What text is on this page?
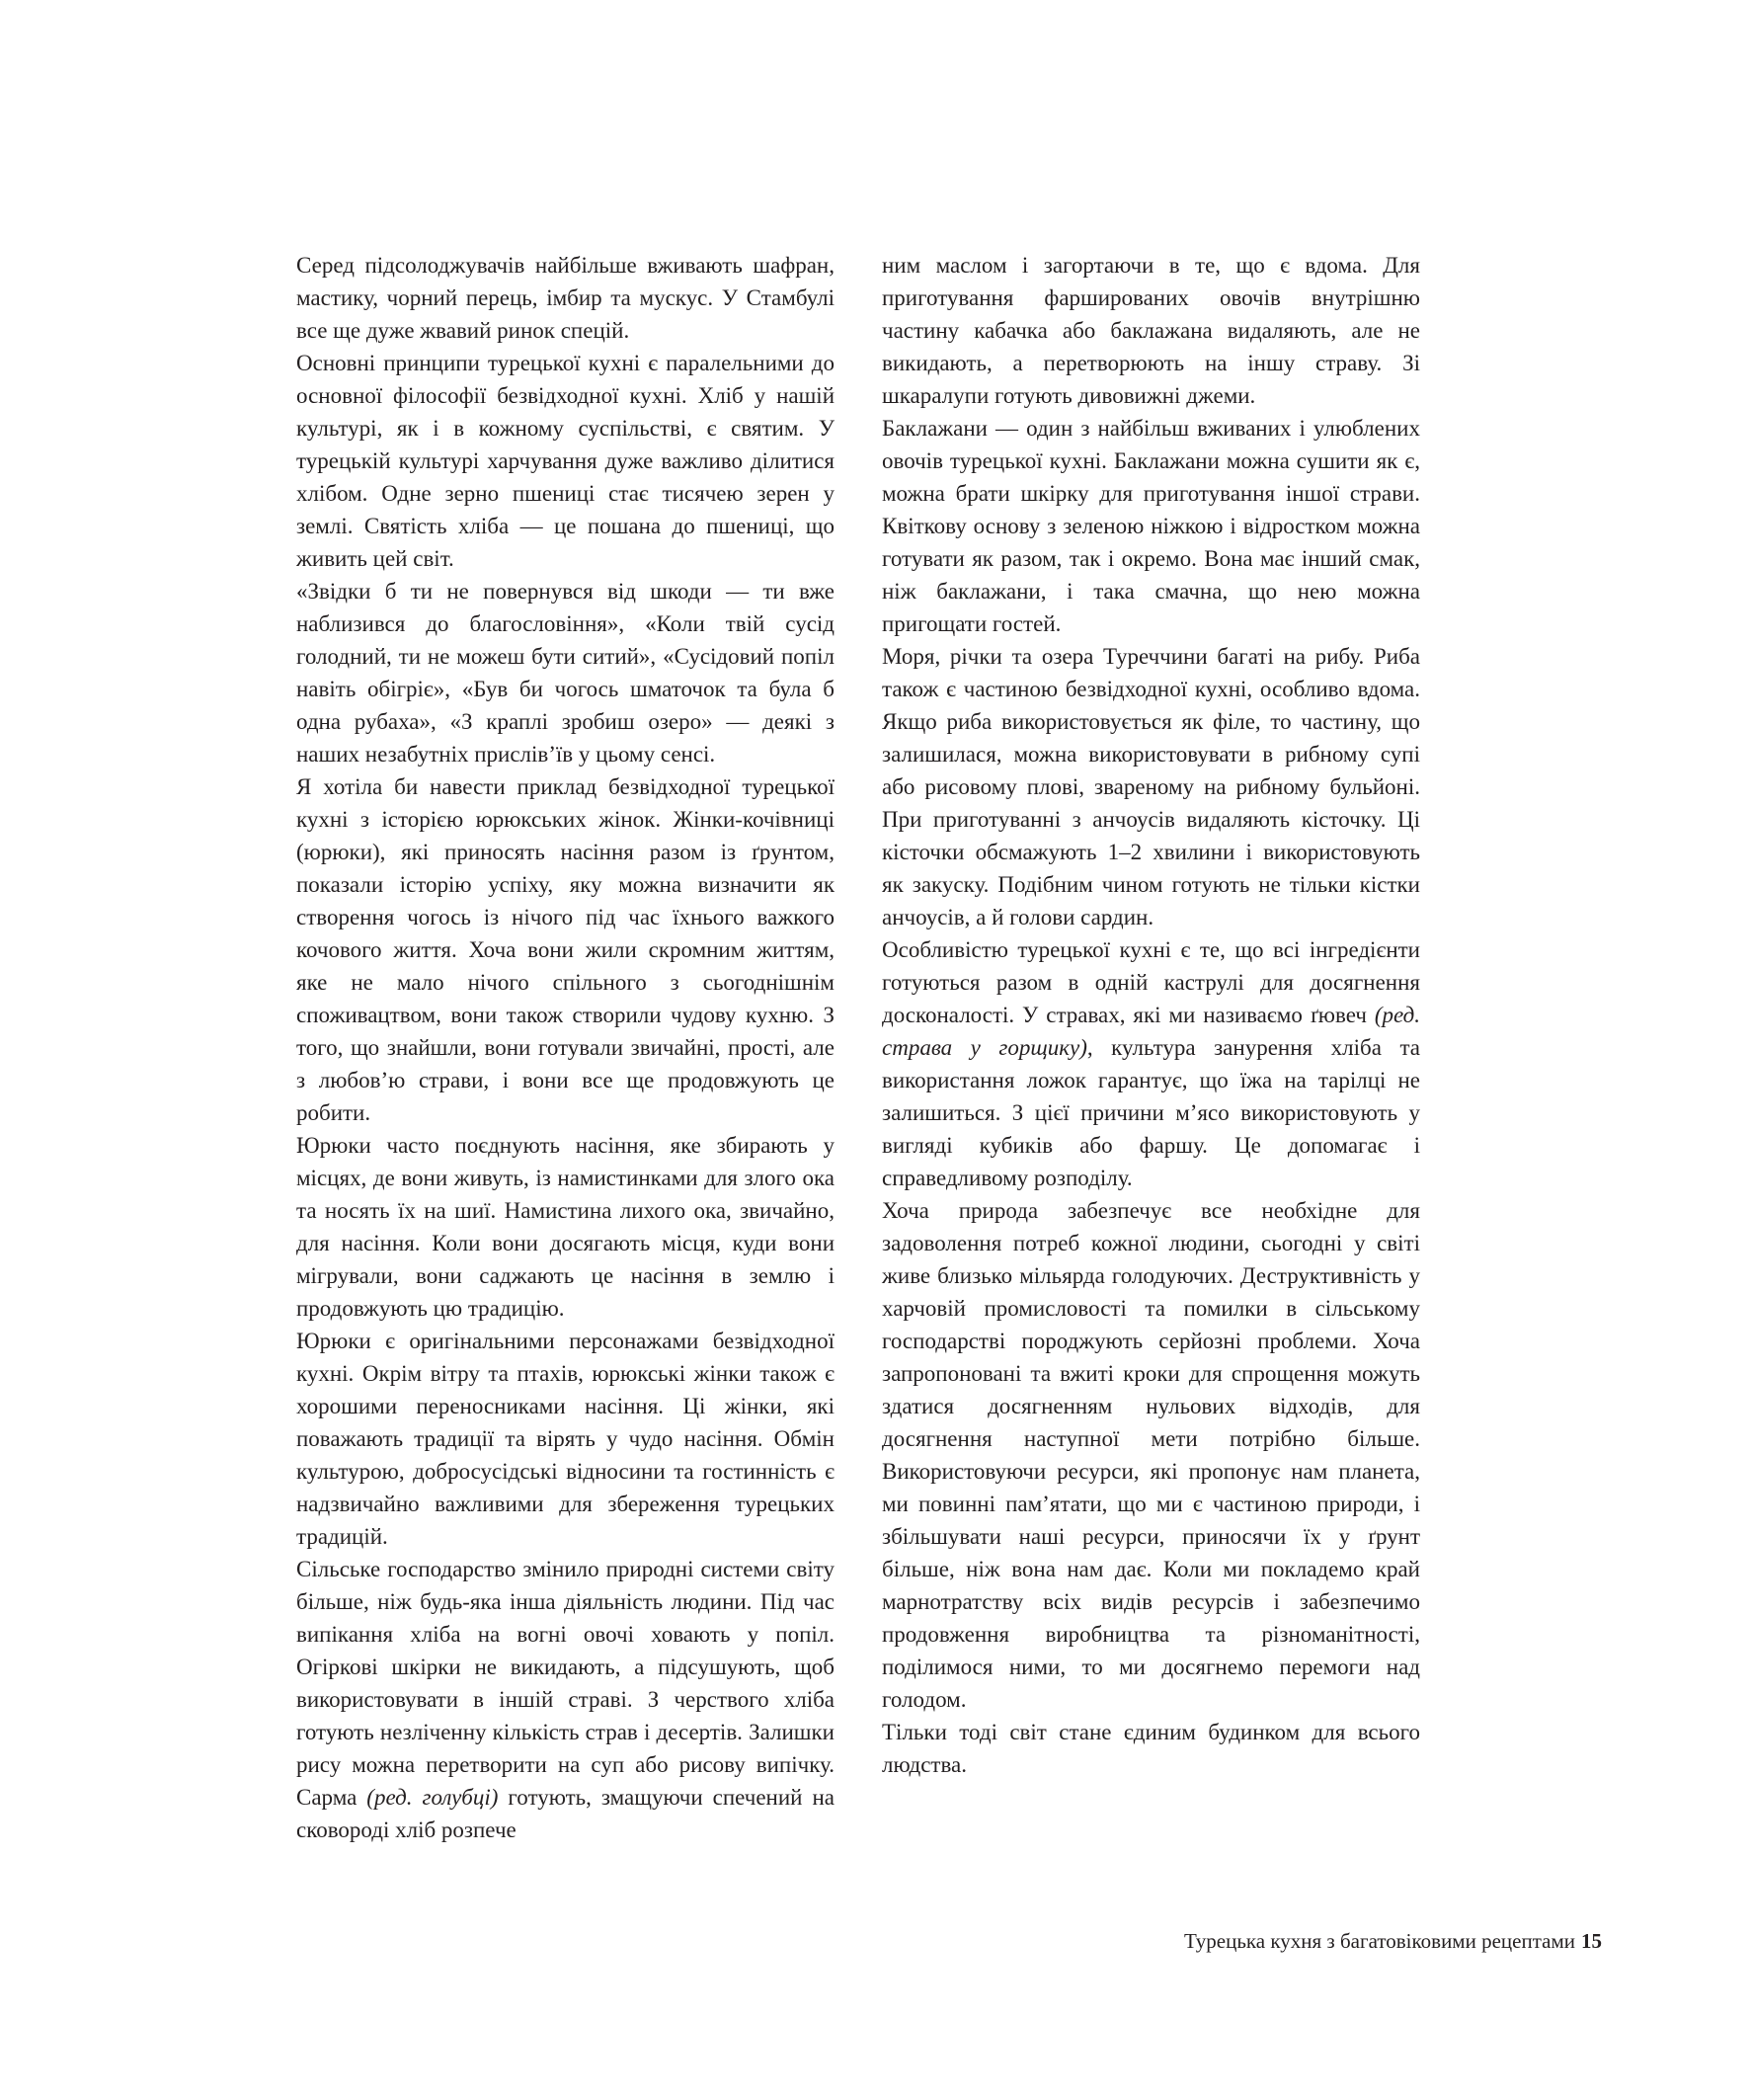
Серед підсолоджувачів найбільше вживають шафран, мастику, чорний перець, імбир та мускус. У Стамбулі все ще дуже жвавий ринок спецій.

Основні принципи турецької кухні є паралельними до основної філософії безвідходної кухні. Хліб у нашій культурі, як і в кожному суспільстві, є святим. У турецькій культурі харчування дуже важливо ділитися хлібом. Одне зерно пшениці стає тисячею зерен у землі. Святість хліба — це пошана до пшениці, що живить цей світ.

«Звідки б ти не повернувся від шкоди — ти вже наблизився до благословіння», «Коли твій сусід голодний, ти не можеш бути ситий», «Сусідовий попіл навіть обігріє», «Був би чогось шматочок та була б одна рубаха», «З краплі зробиш озеро» — деякі з наших незабутніх прислів’їв у цьому сенсі.

Я хотіла би навести приклад безвідходної турецької кухні з історією юрюкських жінок. Жінки-кочівниці (юрюки), які приносять насіння разом із ґрунтом, показали історію успіху, яку можна визначити як створення чогось із нічого під час їхнього важкого кочового життя. Хоча вони жили скромним життям, яке не мало нічого спільного з сьогоднішнім споживацтвом, вони також створили чудову кухню. З того, що знайшли, вони готували звичайні, прості, але з любов’ю страви, і вони все ще продовжують це робити.

Юрюки часто поєднують насіння, яке збирають у місцях, де вони живуть, із намистинками для злого ока та носять їх на шиї. Намистина лихого ока, звичайно, для насіння. Коли вони досягають місця, куди вони мігрували, вони саджають це насіння в землю і продовжують цю традицію.

Юрюки є оригінальними персонажами безвідходної кухні. Окрім вітру та птахів, юрюкські жінки також є хорошими переносниками насіння. Ці жінки, які поважають традиції та вірять у чудо насіння. Обмін культурою, добросусідські відносини та гостинність є надзвичайно важливими для збереження турецьких традицій.

Сільське господарство змінило природні системи світу більше, ніж будь-яка інша діяльність людини. Під час випікання хліба на вогні овочі ховають у попіл. Огіркові шкірки не викидають, а підсушують, щоб використовувати в іншій страві. З черствого хліба готують незліченну кількість страв і десертів. Залишки рису можна перетворити на суп або рисову випічку. Сарма (ред. голубці) готують, змащуючи спечений на сковороді хліб розпече

ним маслом і загортаючи в те, що є вдома. Для приготування фаршированих овочів внутрішню частину кабачка або баклажана видаляють, але не викидають, а перетворюють на іншу страву. Зі шкаралупи готують дивовижні джеми.

Баклажани — один з найбільш вживаних і улюблених овочів турецької кухні. Баклажани можна сушити як є, можна брати шкірку для приготування іншої страви. Квіткову основу з зеленою ніжкою і відростком можна готувати як разом, так і окремо. Вона має інший смак, ніж баклажани, і така смачна, що нею можна пригощати гостей.

Моря, річки та озера Туреччини багаті на рибу. Риба також є частиною безвідходної кухні, особливо вдома. Якщо риба використовується як філе, то частину, що залишилася, можна використовувати в рибному супі або рисовому плові, звареному на рибному бульйоні. При приготуванні з анчоусів видаляють кісточку. Ці кісточки обсмажують 1–2 хвилини і використовують як закуску. Подібним чином готують не тільки кістки анчоусів, а й голови сардин.

Особливістю турецької кухні є те, що всі інгредієнти готуються разом в одній каструлі для досягнення досконалості. У стравах, які ми називаємо ґювеч (ред. страва у горщику), культура занурення хліба та використання ложок гарантує, що їжа на тарілці не залишиться. З цієї причини м’ясо використовують у вигляді кубиків або фаршу. Це допомагає і справедливому розподілу.

Хоча природа забезпечує все необхідне для задоволення потреб кожної людини, сьогодні у світі живе близько мільярда голодуючих. Деструктивність у харчовій промисловості та помилки в сільському господарстві породжують серйозні проблеми. Хоча запропоновані та вжиті кроки для спрощення можуть здатися досягненням нульових відходів, для досягнення наступної мети потрібно більше. Використовуючи ресурси, які пропонує нам планета, ми повинні пам’ятати, що ми є частиною природи, і збільшувати наші ресурси, приносячи їх у ґрунт більше, ніж вона нам дає. Коли ми покладемо край марнотратству всіх видів ресурсів і забезпечимо продовження виробництва та різноманітності, поділимося ними, то ми досягнемо перемоги над голодом.

Тільки тоді світ стане єдиним будинком для всього людства.

Турецька кухня з багатовіковими рецептами 15
